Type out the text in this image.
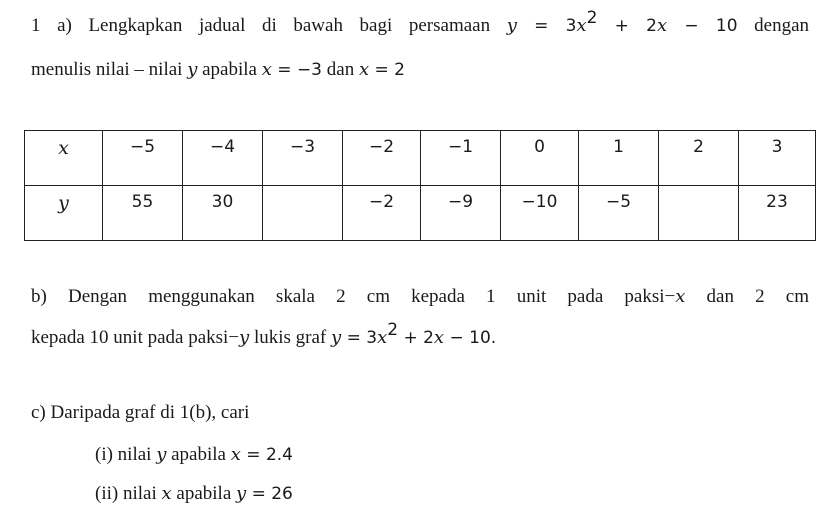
1 a) Lengkapkan jadual di bawah bagi persamaan $y = 3x^2 + 2x - 10$ dengan
menulis nilai – nilai y apabila x = −3 dan x = 2
x	−5	−4	−3	−2	−1	0	1	2	3

y	55	30		−2	−9	−10	−5		23
b) Dengan menggunakan skala 2 cm kepada 1 unit pada paksi−x dan 2 cm
kepada 10 unit pada paksi−y lukis graf $y = 3x^2 + 2x - 10$.
c) Daripada graf di 1(b), cari
(i) nilai y apabila x = 2.4
(ii) nilai x apabila y = 26
